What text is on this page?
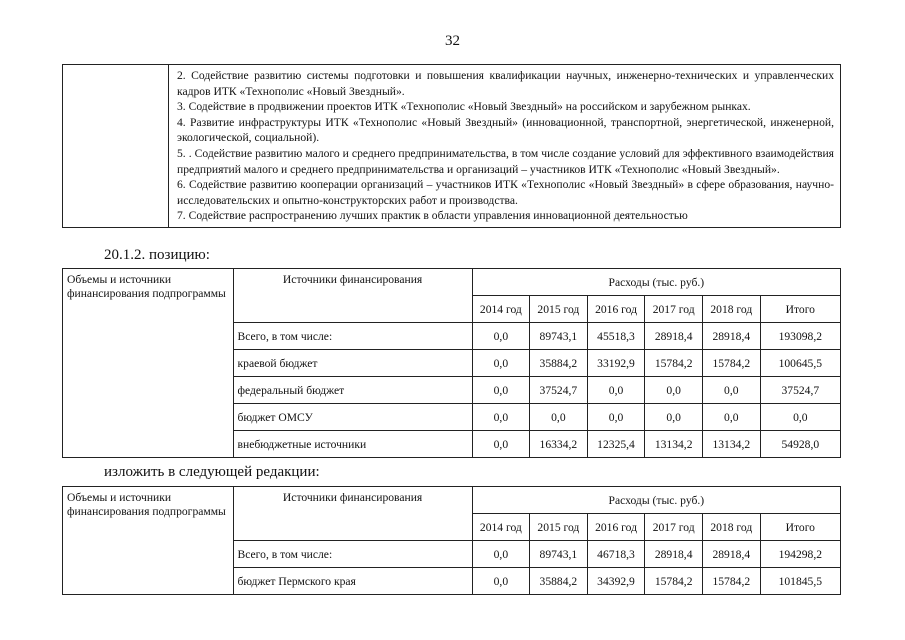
32

2. Содействие развитию системы подготовки и повышения квалификации научных, инженерно-технических и управленческих кадров ИТК «Технополис «Новый Звездный».
3. Содействие в продвижении проектов ИТК «Технополис «Новый Звездный» на российском и зарубежном рынках.
4. Развитие инфраструктуры ИТК «Технополис «Новый Звездный» (инновационной, транспортной, энергетической, инженерной, экологической, социальной).
5. . Содействие развитию малого и среднего предпринимательства, в том числе создание условий для эффективного взаимодействия предприятий малого и среднего предпринимательства и организаций – участников ИТК «Технополис «Новый Звездный».
6. Содействие развитию кооперации организаций – участников ИТК «Технополис «Новый Звездный» в сфере образования, научно-исследовательских и опытно-конструкторских работ и производства.
7. Содействие распространению лучших практик в области управления инновационной деятельностью
20.1.2. позицию:
Объемы и источники финансирования подпрограммы	Источники финансирования	Расходы (тыс. руб.)					
		2014 год	2015 год	2016 год	2017 год	2018 год	Итого
	Всего, в том числе:	0,0	89743,1	45518,3	28918,4	28918,4	193098,2
	краевой бюджет	0,0	35884,2	33192,9	15784,2	15784,2	100645,5
	федеральный бюджет	0,0	37524,7	0,0	0,0	0,0	37524,7
	бюджет ОМСУ	0,0	0,0	0,0	0,0	0,0	0,0
	внебюджетные источники	0,0	16334,2	12325,4	13134,2	13134,2	54928,0
изложить в следующей редакции:
Объемы и источники финансирования подпрограммы	Источники финансирования	Расходы (тыс. руб.)					
		2014 год	2015 год	2016 год	2017 год	2018 год	Итого
	Всего, в том числе:	0,0	89743,1	46718,3	28918,4	28918,4	194298,2
	бюджет Пермского края	0,0	35884,2	34392,9	15784,2	15784,2	101845,5
